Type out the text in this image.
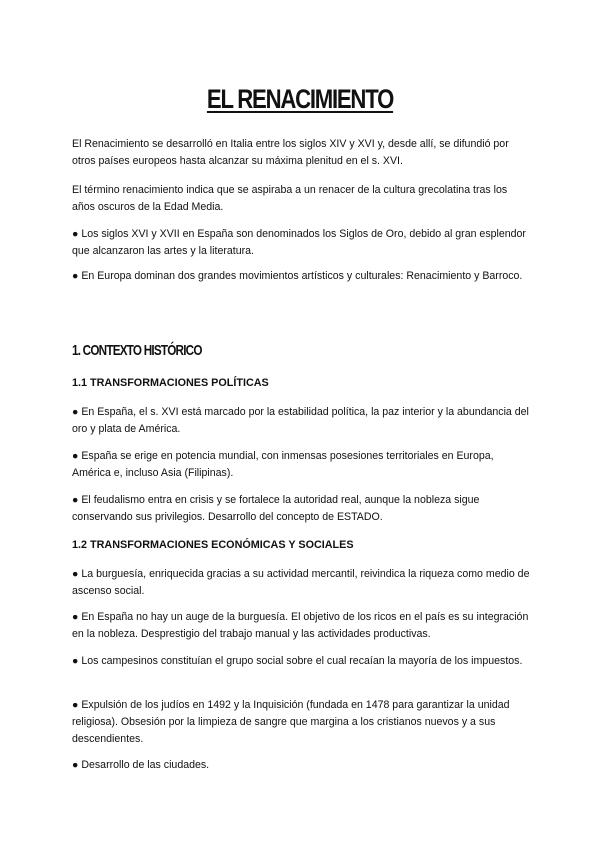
EL RENACIMIENTO

El Renacimiento se desarrolló en Italia entre los siglos XIV y XVI y, desde allí, se difundió por otros países europeos hasta alcanzar su máxima plenitud en el s. XVI.

El término renacimiento indica que se aspiraba a un renacer de la cultura grecolatina tras los años oscuros de la Edad Media.

● Los siglos XVI y XVII en España son denominados los Siglos de Oro, debido al gran esplendor que alcanzaron las artes y la literatura.

● En Europa dominan dos grandes movimientos artísticos y culturales: Renacimiento y Barroco.

1. CONTEXTO HISTÓRICO
1.1 TRANSFORMACIONES POLÍTICAS

● En España, el s. XVI está marcado por la estabilidad política, la paz interior y la abundancia del oro y plata de América.

● España se erige en potencia mundial, con inmensas posesiones territoriales en Europa, América e, incluso Asia (Filipinas).

● El feudalismo entra en crisis y se fortalece la autoridad real, aunque la nobleza sigue conservando sus privilegios. Desarrollo del concepto de ESTADO.

1.2 TRANSFORMACIONES ECONÓMICAS Y SOCIALES

● La burguesía, enriquecida gracias a su actividad mercantil, reivindica la riqueza como medio de ascenso social.

● En España no hay un auge de la burguesía. El objetivo de los ricos en el país es su integración en la nobleza. Desprestigio del trabajo manual y las actividades productivas.

● Los campesinos constituían el grupo social sobre el cual recaían la mayoría de los impuestos.

● Expulsión de los judíos en 1492 y la Inquisición (fundada en 1478 para garantizar la unidad religiosa). Obsesión por la limpieza de sangre que margina a los cristianos nuevos y a sus descendientes.

● Desarrollo de las ciudades.
